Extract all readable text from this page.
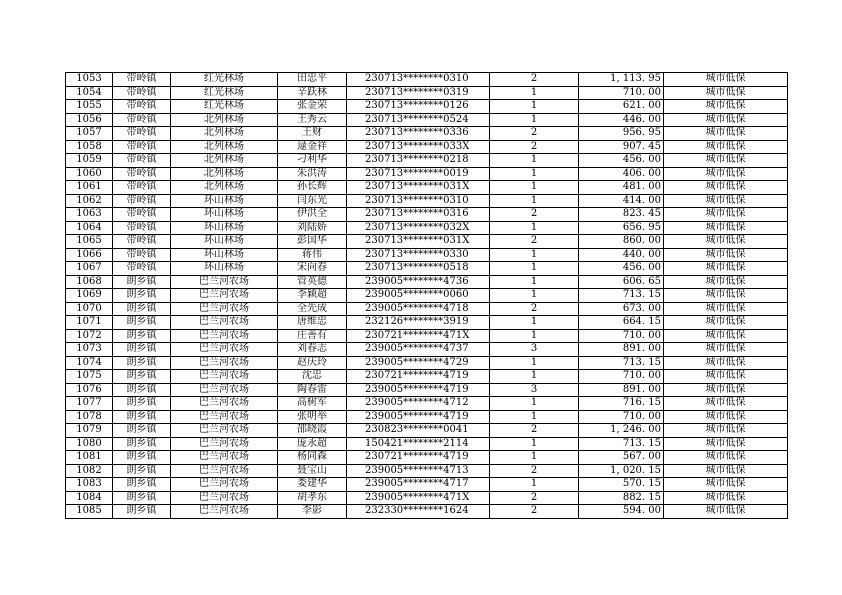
1053	带岭镇	红光林场	田忠平	230713********0310	2	1, 113. 95	城市低保
1054	带岭镇	红光林场	辛跃林	230713********0319	1	710. 00	城市低保
1055	带岭镇	红光林场	张金荣	230713********0126	1	621. 00	城市低保
1056	带岭镇	北列林场	王秀云	230713********0524	1	446. 00	城市低保
1057	带岭镇	北列林场	王财	230713********0336	2	956. 95	城市低保
1058	带岭镇	北列林场	逯金祥	230713********033X	2	907. 45	城市低保
1059	带岭镇	北列林场	刁利华	230713********0218	1	456. 00	城市低保
1060	带岭镇	北列林场	朱洪涛	230713********0019	1	406. 00	城市低保
1061	带岭镇	北列林场	孙长辉	230713********031X	1	481. 00	城市低保
1062	带岭镇	环山林场	闫东光	230713********0310	1	414. 00	城市低保
1063	带岭镇	环山林场	伊洪全	230713********0316	2	823. 45	城市低保
1064	带岭镇	环山林场	刘陆娇	230713********032X	1	656. 95	城市低保
1065	带岭镇	环山林场	彭国华	230713********031X	2	860. 00	城市低保
1066	带岭镇	环山林场	蒋伟	230713********0330	1	440. 00	城市低保
1067	带岭镇	环山林场	宋向春	230713********0518	1	456. 00	城市低保
1068	朗乡镇	巴兰河农场	管英德	239005********4736	1	606. 65	城市低保
1069	朗乡镇	巴兰河农场	李颖超	239005********0060	1	713. 15	城市低保
1070	朗乡镇	巴兰河农场	全先成	239005********4718	2	673. 00	城市低保
1071	朗乡镇	巴兰河农场	唐维忠	232126********3919	1	664. 15	城市低保
1072	朗乡镇	巴兰河农场	庄善有	230721********471X	1	710. 00	城市低保
1073	朗乡镇	巴兰河农场	刘春志	239005********4737	3	891. 00	城市低保
1074	朗乡镇	巴兰河农场	赵庆玲	239005********4729	1	713. 15	城市低保
1075	朗乡镇	巴兰河农场	沈忠	230721********4719	1	710. 00	城市低保
1076	朗乡镇	巴兰河农场	陶春雷	239005********4719	3	891. 00	城市低保
1077	朗乡镇	巴兰河农场	高树军	239005********4712	1	716. 15	城市低保
1078	朗乡镇	巴兰河农场	张明举	239005********4719	1	710. 00	城市低保
1079	朗乡镇	巴兰河农场	邵晓霞	230823********0041	2	1, 246. 00	城市低保
1080	朗乡镇	巴兰河农场	庞永超	150421********2114	1	713. 15	城市低保
1081	朗乡镇	巴兰河农场	杨同森	230721********4719	1	567. 00	城市低保
1082	朗乡镇	巴兰河农场	聂宝山	239005********4713	2	1, 020. 15	城市低保
1083	朗乡镇	巴兰河农场	娄建华	239005********4717	1	570. 15	城市低保
1084	朗乡镇	巴兰河农场	胡孝东	239005********471X	2	882. 15	城市低保
1085	朗乡镇	巴兰河农场	李影	232330********1624	2	594. 00	城市低保
